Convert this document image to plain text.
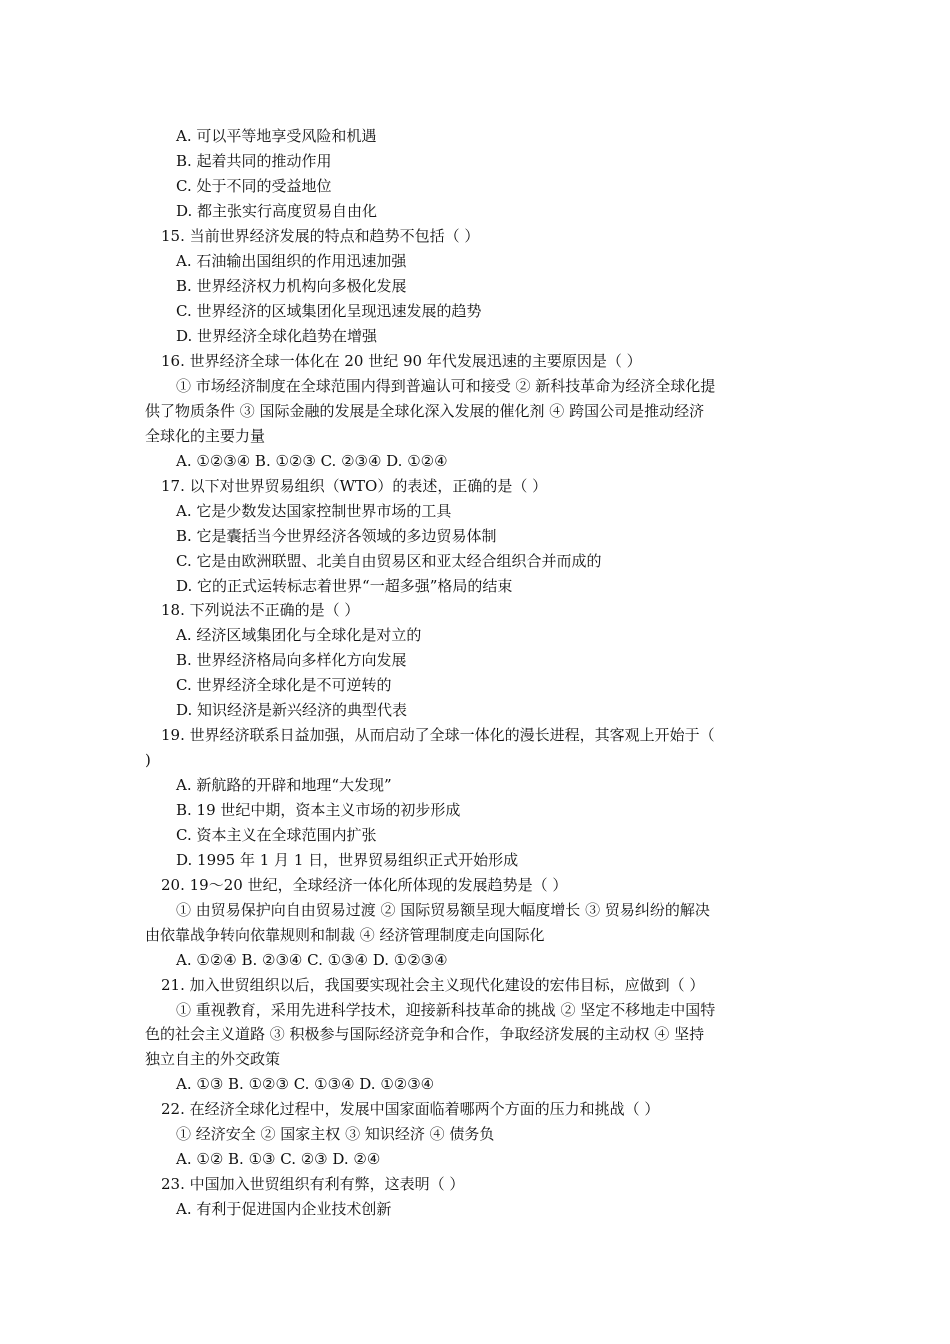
A. 可以平等地享受风险和机遇
B. 起着共同的推动作用
C. 处于不同的受益地位
D. 都主张实行高度贸易自由化
15. 当前世界经济发展的特点和趋势不包括（ ）
A. 石油输出国组织的作用迅速加强
B. 世界经济权力机构向多极化发展
C. 世界经济的区域集团化呈现迅速发展的趋势
D. 世界经济全球化趋势在增强
16. 世界经济全球一体化在 20 世纪 90 年代发展迅速的主要原因是（ ）
① 市场经济制度在全球范围内得到普遍认可和接受 ② 新科技革命为经济全球化提
供了物质条件 ③ 国际金融的发展是全球化深入发展的催化剂 ④ 跨国公司是推动经济
全球化的主要力量
A. ①②③④ B. ①②③ C. ②③④ D. ①②④
17. 以下对世界贸易组织（WTO）的表述，正确的是（ ）
A. 它是少数发达国家控制世界市场的工具
B. 它是囊括当今世界经济各领域的多边贸易体制
C. 它是由欧洲联盟、北美自由贸易区和亚太经合组织合并而成的
D. 它的正式运转标志着世界“一超多强”格局的结束
18. 下列说法不正确的是（ ）
A. 经济区域集团化与全球化是对立的
B. 世界经济格局向多样化方向发展
C. 世界经济全球化是不可逆转的
D. 知识经济是新兴经济的典型代表
19. 世界经济联系日益加强，从而启动了全球一体化的漫长进程，其客观上开始于（
)
A. 新航路的开辟和地理“大发现”
B. 19 世纪中期，资本主义市场的初步形成
C. 资本主义在全球范围内扩张
D. 1995 年 1 月 1 日，世界贸易组织正式开始形成
20. 19～20 世纪，全球经济一体化所体现的发展趋势是（ ）
① 由贸易保护向自由贸易过渡 ② 国际贸易额呈现大幅度增长 ③ 贸易纠纷的解决
由依靠战争转向依靠规则和制裁 ④ 经济管理制度走向国际化
A. ①②④ B. ②③④ C. ①③④ D. ①②③④
21. 加入世贸组织以后，我国要实现社会主义现代化建设的宏伟目标，应做到（ ）
① 重视教育，采用先进科学技术，迎接新科技革命的挑战 ② 坚定不移地走中国特
色的社会主义道路 ③ 积极参与国际经济竞争和合作，争取经济发展的主动权 ④ 坚持
独立自主的外交政策
A. ①③ B. ①②③ C. ①③④ D. ①②③④
22. 在经济全球化过程中，发展中国家面临着哪两个方面的压力和挑战（ ）
① 经济安全 ② 国家主权 ③ 知识经济 ④ 债务负
A. ①② B. ①③ C. ②③ D. ②④
23. 中国加入世贸组织有利有弊，这表明（ ）
A. 有利于促进国内企业技术创新
